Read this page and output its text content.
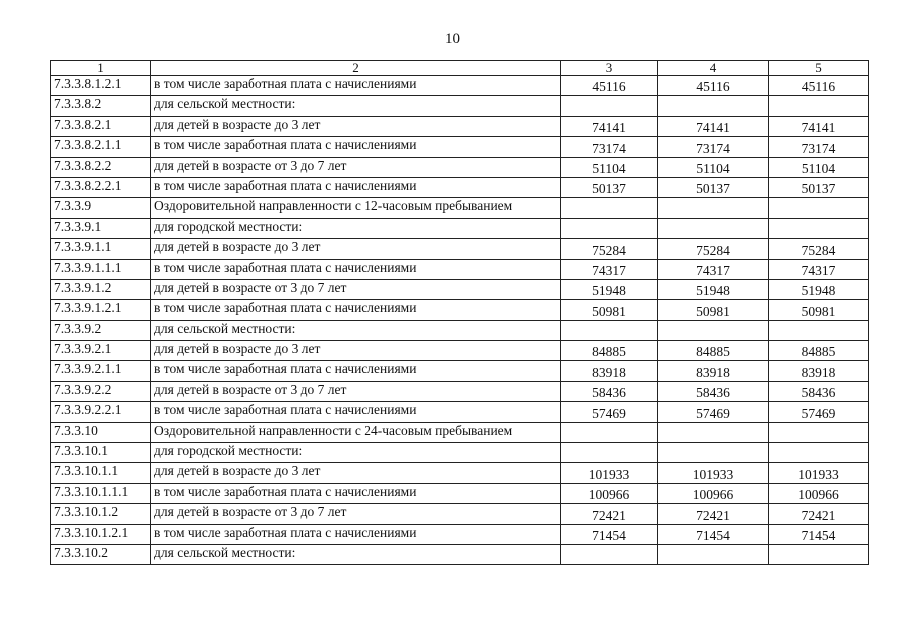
10
1	2	3	4	5
7.3.3.8.1.2.1	в том числе заработная плата с начислениями	45116	45116	45116
7.3.3.8.2	для сельской местности:			
7.3.3.8.2.1	для детей в возрасте до 3 лет	74141	74141	74141
7.3.3.8.2.1.1	в том числе заработная плата с начислениями	73174	73174	73174
7.3.3.8.2.2	для детей в возрасте от 3 до 7 лет	51104	51104	51104
7.3.3.8.2.2.1	в том числе заработная плата с начислениями	50137	50137	50137
7.3.3.9	Оздоровительной направленности с 12-часовым пребыванием			
7.3.3.9.1	для городской местности:			
7.3.3.9.1.1	для детей в возрасте до 3 лет	75284	75284	75284
7.3.3.9.1.1.1	в том числе заработная плата с начислениями	74317	74317	74317
7.3.3.9.1.2	для детей в возрасте от 3 до 7 лет	51948	51948	51948
7.3.3.9.1.2.1	в том числе заработная плата с начислениями	50981	50981	50981
7.3.3.9.2	для сельской местности:			
7.3.3.9.2.1	для детей в возрасте до 3 лет	84885	84885	84885
7.3.3.9.2.1.1	в том числе заработная плата с начислениями	83918	83918	83918
7.3.3.9.2.2	для детей в возрасте от 3 до 7 лет	58436	58436	58436
7.3.3.9.2.2.1	в том числе заработная плата с начислениями	57469	57469	57469
7.3.3.10	Оздоровительной направленности с 24-часовым пребыванием			
7.3.3.10.1	для городской местности:			
7.3.3.10.1.1	для детей в возрасте до 3 лет	101933	101933	101933
7.3.3.10.1.1.1	в том числе заработная плата с начислениями	100966	100966	100966
7.3.3.10.1.2	для детей в возрасте от 3 до 7 лет	72421	72421	72421
7.3.3.10.1.2.1	в том числе заработная плата с начислениями	71454	71454	71454
7.3.3.10.2	для сельской местности:			
